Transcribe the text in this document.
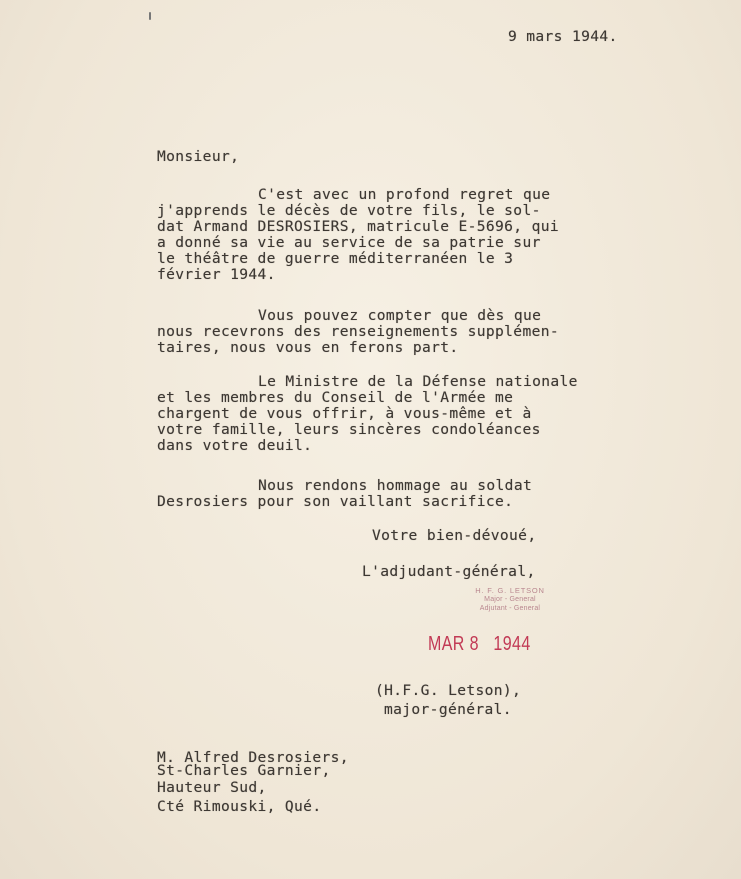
9 mars 1944.
Monsieur,
C'est avec un profond regret que
j'apprends le décès de votre fils, le sol-
dat Armand DESROSIERS, matricule E-5696, qui
a donné sa vie au service de sa patrie sur
le théâtre de guerre méditerranéen le 3
février 1944.
Vous pouvez compter que dès que
nous recevrons des renseignements supplémen-
taires, nous vous en ferons part.
Le Ministre de la Défense nationale
et les membres du Conseil de l'Armée me
chargent de vous offrir, à vous-même et à
votre famille, leurs sincères condoléances
dans votre deuil.
Nous rendons hommage au soldat
Desrosiers pour son vaillant sacrifice.
Votre bien-dévoué,
L'adjudant-général,
H. F. G. LETSON
Major - General
Adjutant - General
MAR 8   1944
(H.F.G. Letson),
major-général.
M. Alfred Desrosiers,
St-Charles Garnier,
Hauteur Sud,
Cté Rimouski, Qué.
